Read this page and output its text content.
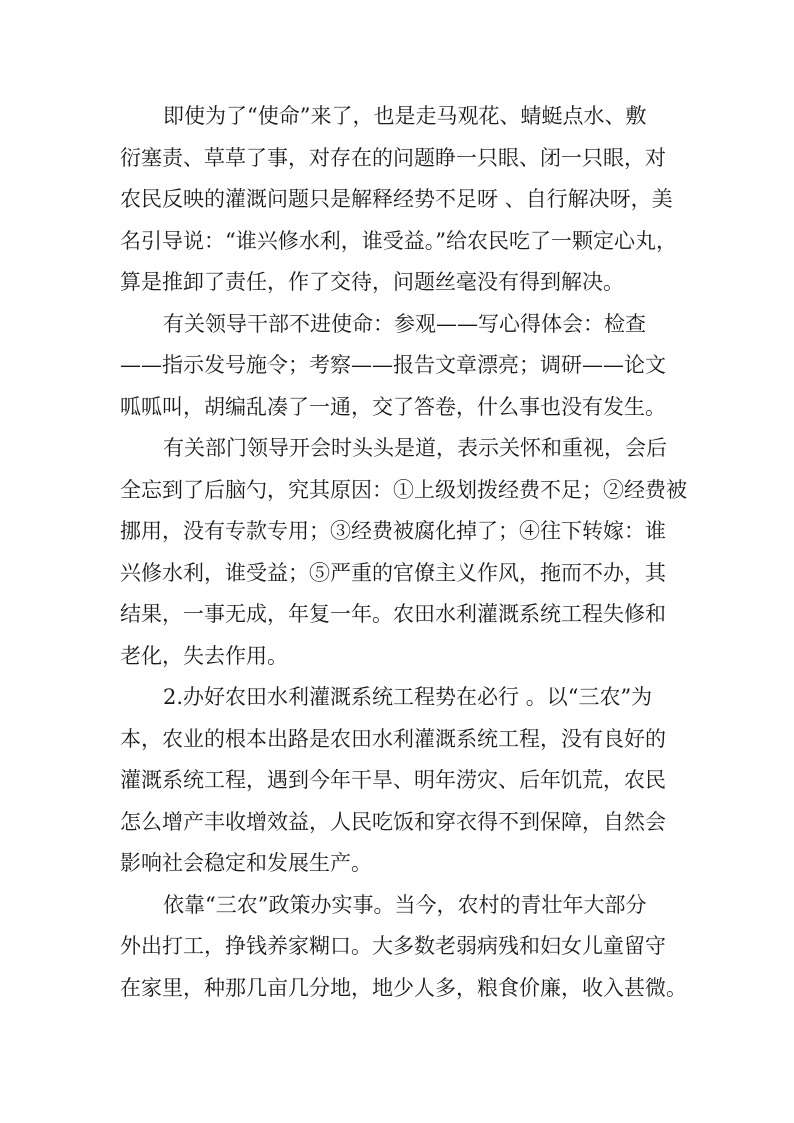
即使为了“使命”来了，也是走马观花、蜻蜓点水、敷
衍塞责、草草了事，对存在的问题睁一只眼、闭一只眼，对
农民反映的灌溉问题只是解释经势不足呀 、自行解决呀，美
名引导说：“谁兴修水利，谁受益。”给农民吃了一颗定心丸，
算是推卸了责任，作了交待，问题丝毫没有得到解决。
有关领导干部不进使命：参观——写心得体会：检查
——指示发号施令；考察——报告文章漂亮；调研——论文
呱呱叫，胡编乱凑了一通，交了答卷，什么事也没有发生。
有关部门领导开会时头头是道，表示关怀和重视，会后
全忘到了后脑勺，究其原因：①上级划拨经费不足；②经费被
挪用，没有专款专用；③经费被腐化掉了；④往下转嫁：谁
兴修水利，谁受益；⑤严重的官僚主义作风，拖而不办，其
结果，一事无成，年复一年。农田水利灌溉系统工程失修和
老化，失去作用。
2.办好农田水利灌溉系统工程势在必行 。以“三农”为
本，农业的根本出路是农田水利灌溉系统工程，没有良好的
灌溉系统工程，遇到今年干旱、明年涝灾、后年饥荒，农民
怎么增产丰收增效益，人民吃饭和穿衣得不到保障，自然会
影响社会稳定和发展生产。
依靠“三农”政策办实事。当今，农村的青壮年大部分
外出打工，挣钱养家糊口。大多数老弱病残和妇女儿童留守
在家里，种那几亩几分地，地少人多，粮食价廉，收入甚微。
